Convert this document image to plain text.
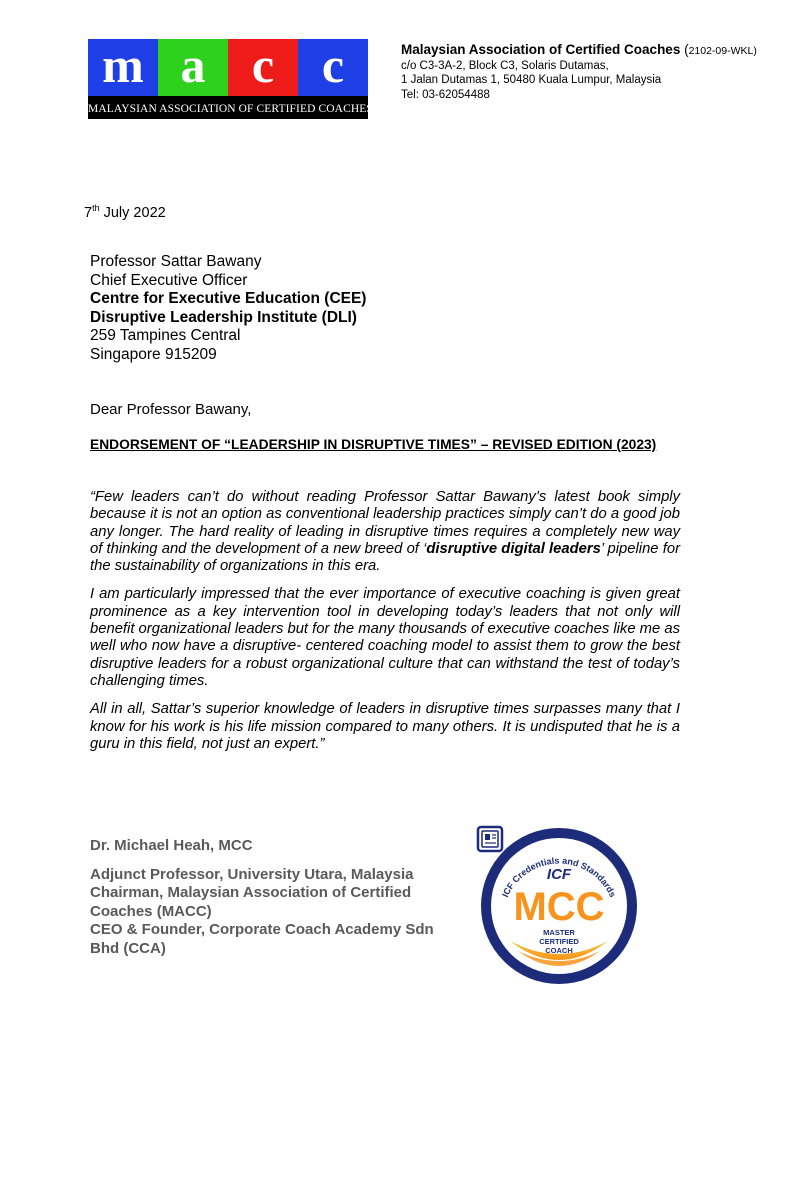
m a c c
MALAYSIAN ASSOCIATION OF CERTIFIED COACHES
Malaysian Association of Certified Coaches (2102-09-WKL)
c/o C3-3A-2, Block C3, Solaris Dutamas,
1 Jalan Dutamas 1, 50480 Kuala Lumpur, Malaysia
Tel: 03-62054488
7th July 2022
Professor Sattar Bawany
Chief Executive Officer
Centre for Executive Education (CEE)
Disruptive Leadership Institute (DLI)
259 Tampines Central
Singapore 915209
Dear Professor Bawany,
ENDORSEMENT OF “LEADERSHIP IN DISRUPTIVE TIMES” – REVISED EDITION (2023)

“Few leaders can’t do without reading Professor Sattar Bawany’s latest book simply because it is not an option as conventional leadership practices simply can’t do a good job any longer. The hard reality of leading in disruptive times requires a completely new way of thinking and the development of a new breed of ‘disruptive digital leaders’ pipeline for the sustainability of organizations in this era.

I am particularly impressed that the ever importance of executive coaching is given great prominence as a key intervention tool in developing today’s leaders that not only will benefit organizational leaders but for the many thousands of executive coaches like me as well who now have a disruptive- centered coaching model to assist them to grow the best disruptive leaders for a robust organizational culture that can withstand the test of today’s challenging times.

All in all, Sattar’s superior knowledge of leaders in disruptive times surpasses many that I know for his work is his life mission compared to many others. It is undisputed that he is a guru in this field, not just an expert.”

Dr. Michael Heah, MCC
Adjunct Professor, University Utara, Malaysia
Chairman, Malaysian Association of Certified Coaches (MACC)
CEO & Founder, Corporate Coach Academy Sdn Bhd (CCA)
ICF Credentials and Standards
ICF
MCC
MASTER
CERTIFIED
COACH
